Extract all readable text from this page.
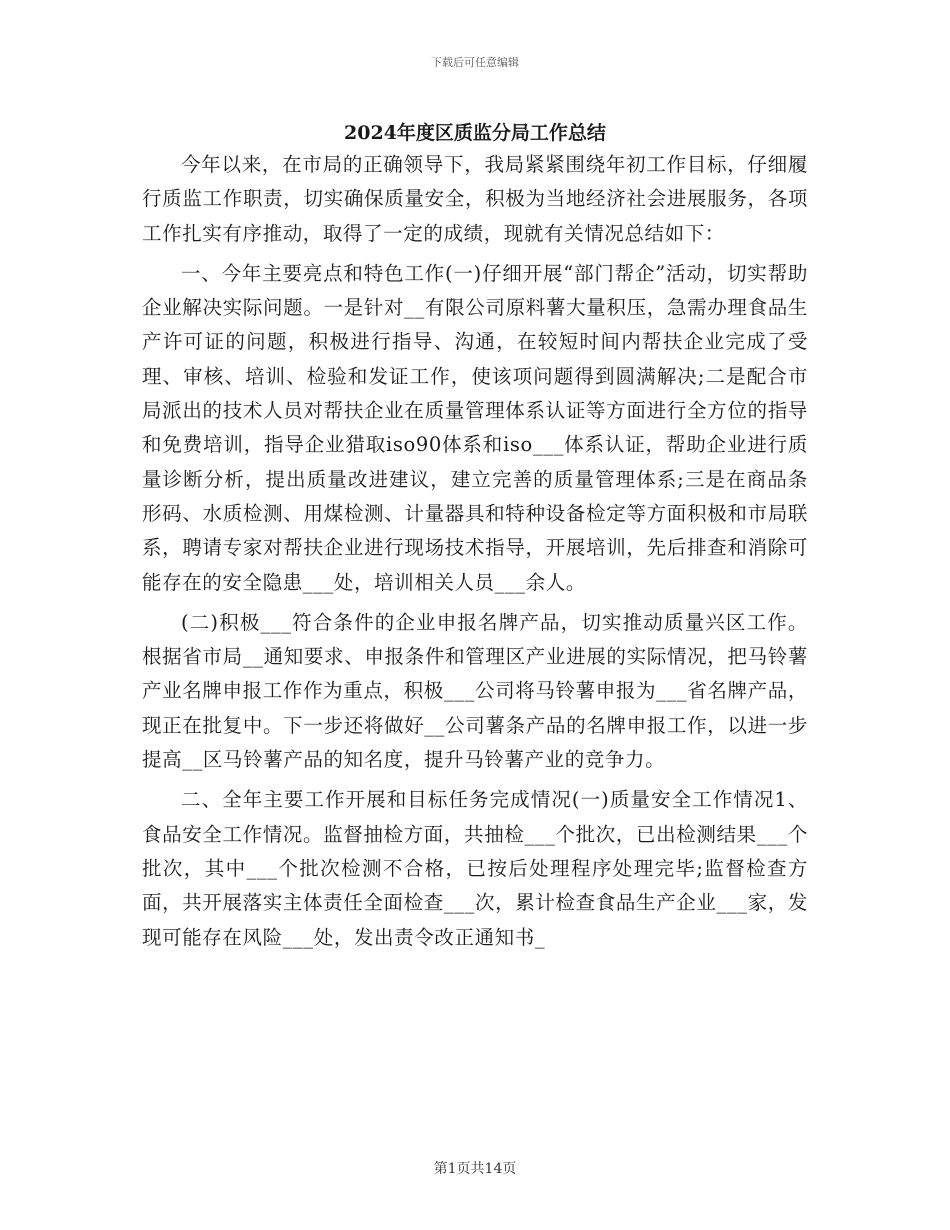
下载后可任意编辑
2024年度区质监分局工作总结

今年以来，在市局的正确领导下，我局紧紧围绕年初工作目标，仔细履行质监工作职责，切实确保质量安全，积极为当地经济社会进展服务，各项工作扎实有序推动，取得了一定的成绩，现就有关情况总结如下：

一、今年主要亮点和特色工作(一)仔细开展“部门帮企”活动，切实帮助企业解决实际问题。一是针对__有限公司原料薯大量积压，急需办理食品生产许可证的问题，积极进行指导、沟通，在较短时间内帮扶企业完成了受理、审核、培训、检验和发证工作，使该项问题得到圆满解决;二是配合市局派出的技术人员对帮扶企业在质量管理体系认证等方面进行全方位的指导和免费培训，指导企业猎取iso90体系和iso___体系认证，帮助企业进行质量诊断分析，提出质量改进建议，建立完善的质量管理体系;三是在商品条形码、水质检测、用煤检测、计量器具和特种设备检定等方面积极和市局联系，聘请专家对帮扶企业进行现场技术指导，开展培训，先后排查和消除可能存在的安全隐患___处，培训相关人员___余人。

(二)积极___符合条件的企业申报名牌产品，切实推动质量兴区工作。根据省市局__通知要求、申报条件和管理区产业进展的实际情况，把马铃薯产业名牌申报工作作为重点，积极___公司将马铃薯申报为___省名牌产品，现正在批复中。下一步还将做好__公司薯条产品的名牌申报工作，以进一步提高__区马铃薯产品的知名度，提升马铃薯产业的竞争力。

二、全年主要工作开展和目标任务完成情况(一)质量安全工作情况1、食品安全工作情况。监督抽检方面，共抽检___个批次，已出检测结果___个批次，其中___个批次检测不合格，已按后处理程序处理完毕;监督检查方面，共开展落实主体责任全面检查___次，累计检查食品生产企业___家，发现可能存在风险___处，发出责令改正通知书_

第1页共14页
